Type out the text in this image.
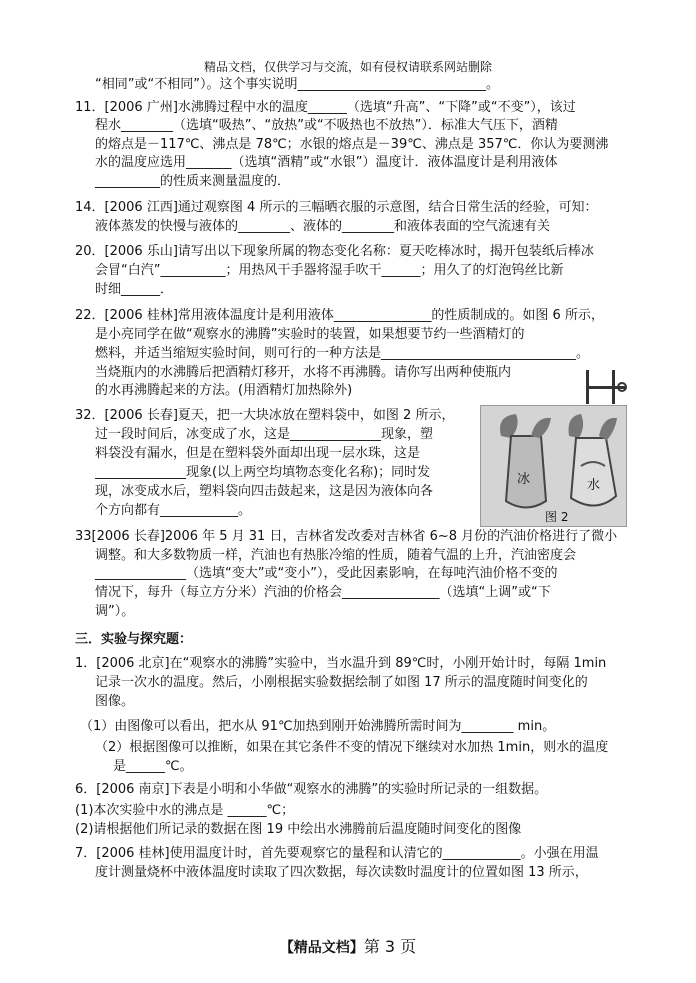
精品文档，仅供学习与交流，如有侵权请联系网站删除
“相同”或“不相同”）。这个事实说明_____________________________。
11．[2006 广州]水沸腾过程中水的温度______（选填“升高”、“下降”或“不变”），该过
程水________（选填“吸热”、“放热”或“不吸热也不放热”）．标准大气压下，酒精
的熔点是－117℃、沸点是 78℃；水银的熔点是－39℃、沸点是 357℃．你认为要测沸
水的温度应选用_______（选填“酒精”或“水银”）温度计．液体温度计是利用液体
__________的性质来测量温度的．
14．[2006 江西]通过观察图 4 所示的三幅晒衣服的示意图，结合日常生活的经验，可知：
液体蒸发的快慢与液体的________、液体的________和液体表面的空气流速有关
20．[2006 乐山]请写出以下现象所属的物态变化名称：夏天吃棒冰时，揭开包装纸后棒冰
会冒“白汽”__________；用热风干手器将湿手吹干______；用久了的灯泡钨丝比新
时细______．
22．[2006 桂林]常用液体温度计是利用液体_______________的性质制成的。如图 6 所示，
是小亮同学在做“观察水的沸腾”实验时的装置，如果想要节约一些酒精灯的
燃料，并适当缩短实验时间，则可行的一种方法是______________________________。
当烧瓶内的水沸腾后把酒精灯移开，水将不再沸腾。请你写出两种使瓶内
的水再沸腾起来的方法。(用酒精灯加热除外)
32．[2006 长春]夏天，把一大块冰放在塑料袋中，如图 2 所示，
过一段时间后，冰变成了水，这是______________现象，塑
料袋没有漏水，但是在塑料袋外面却出现一层水珠，这是
______________现象(以上两空均填物态变化名称)；同时发
现，冰变成水后，塑料袋向四击鼓起来，这是因为液体向各
个方向都有____________。
33[2006 长春]2006 年 5 月 31 日，吉林省发改委对吉林省 6~8 月份的汽油价格进行了微小
调整。和大多数物质一样，汽油也有热胀冷缩的性质，随着气温的上升，汽油密度会
______________（选填“变大”或“变小”），受此因素影响，在每吨汽油价格不变的
情况下，每升（每立方分米）汽油的价格会_______________（选填“上调”或“下
调”）。
三．实验与探究题：
1．[2006 北京]在“观察水的沸腾”实验中，当水温升到 89℃时，小刚开始计时，每隔 1min
记录一次水的温度。然后，小刚根据实验数据绘制了如图 17 所示的温度随时间变化的
图像。
（1）由图像可以看出，把水从 91℃加热到刚开始沸腾所需时间为________ min。
（2）根据图像可以推断，如果在其它条件不变的情况下继续对水加热 1min，则水的温度
是______℃。
6．[2006 南京]下表是小明和小华做“观察水的沸腾”的实验时所记录的一组数据。
(1)本次实验中水的沸点是 ______℃；
(2)请根据他们所记录的数据在图 19 中绘出水沸腾前后温度随时间变化的图像
7．[2006 桂林]使用温度计时，首先要观察它的量程和认清它的____________。小强在用温
度计测量烧杯中液体温度时读取了四次数据，每次读数时温度计的位置如图 13 所示，
冰	水
图 2
【精品文档】第 3 页
